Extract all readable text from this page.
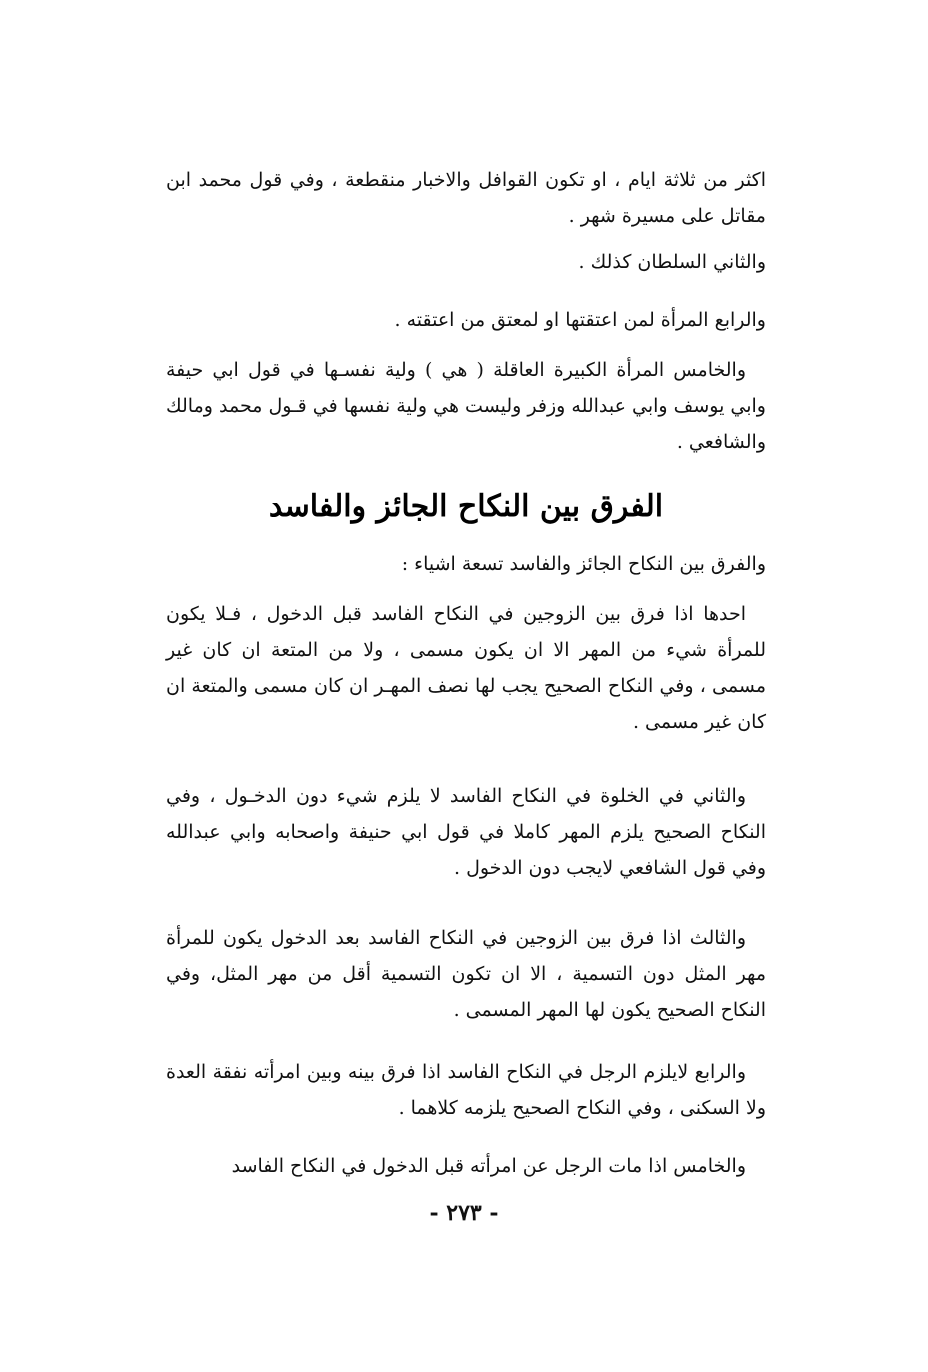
اكثر من ثلاثة ايام ، او تكون القوافل والاخبار منقطعة ، وفي قول محمد ابن مقاتل على مسيرة شهر .
والثاني السلطان كذلك .
والرابع المرأة لمن اعتقتها او لمعتق من اعتقته .
والخامس المرأة الكبيرة العاقلة ( هي ) ولية نفسـها في قول ابي حيفة وابي يوسف وابي عبدالله وزفر وليست هي ولية نفسها في قـول محمد ومالك والشافعي .
الفرق بين النكاح الجائز والفاسد
والفرق بين النكاح الجائز والفاسد تسعة اشياء :
احدها اذا فرق بين الزوجين في النكاح الفاسد قبل الدخول ، فـلا يكون للمرأة شيء من المهر الا ان يكون مسمى ، ولا من المتعة ان كان غير مسمى ، وفي النكاح الصحيح يجب لها نصف المهـر ان كان مسمى والمتعة ان كان غير مسمى .
والثاني في الخلوة في النكاح الفاسد لا يلزم شيء دون الدخـول ، وفي النكاح الصحيح يلزم المهر كاملا في قول ابي حنيفة واصحابه وابي عبدالله وفي قول الشافعي لايجب دون الدخول .
والثالث اذا فرق بين الزوجين في النكاح الفاسد بعد الدخول يكون للمرأة مهر المثل دون التسمية ، الا ان تكون التسمية أقل من مهر المثل، وفي النكاح الصحيح يكون لها المهر المسمى .
والرابع لايلزم الرجل في النكاح الفاسد اذا فرق بينه وبين امرأته نفقة العدة ولا السكنى ، وفي النكاح الصحيح يلزمه كلاهما .
والخامس اذا مات الرجل عن امرأته قبل الدخول في النكاح الفاسد
- ٢٧٣ -
